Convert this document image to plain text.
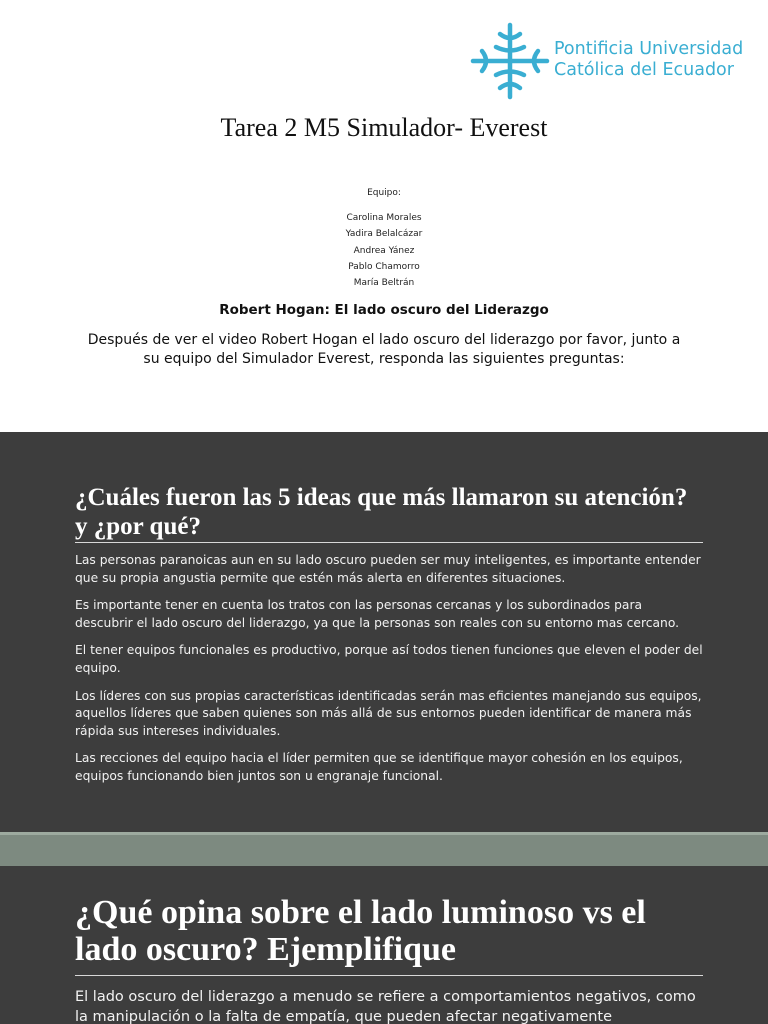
Pontificia Universidad
Católica del Ecuador
Tarea 2 M5 Simulador- Everest
Equipo:
Carolina Morales
Yadira Belalcázar
Andrea Yánez
Pablo Chamorro
María Beltrán
Robert Hogan: El lado oscuro del Liderazgo
Después de ver el video Robert Hogan el lado oscuro del liderazgo por favor, junto a su equipo del Simulador Everest, responda las siguientes preguntas:
¿Cuáles fueron las 5 ideas que más llamaron su atención? y ¿por qué?

Las personas paranoicas aun en su lado oscuro pueden ser muy inteligentes, es importante entender que su propia angustia permite que estén más alerta en diferentes situaciones.

Es importante tener en cuenta los tratos con las personas cercanas y los subordinados para descubrir el lado oscuro del liderazgo, ya que la personas son reales con su entorno mas cercano.

El tener equipos funcionales es productivo, porque así todos tienen funciones que eleven el poder del equipo.

Los líderes con sus propias características identificadas serán mas eficientes manejando sus equipos, aquellos líderes que saben quienes son más allá de sus entornos pueden identificar de manera más rápida sus intereses individuales.

Las recciones del equipo hacia el líder permiten que se identifique mayor cohesión en los equipos, equipos funcionando bien juntos son u engranaje funcional.

¿Qué opina sobre el lado luminoso vs el lado oscuro? Ejemplifique
El lado oscuro del liderazgo a menudo se refiere a comportamientos negativos, como la manipulación o la falta de empatía, que pueden afectar negativamente
